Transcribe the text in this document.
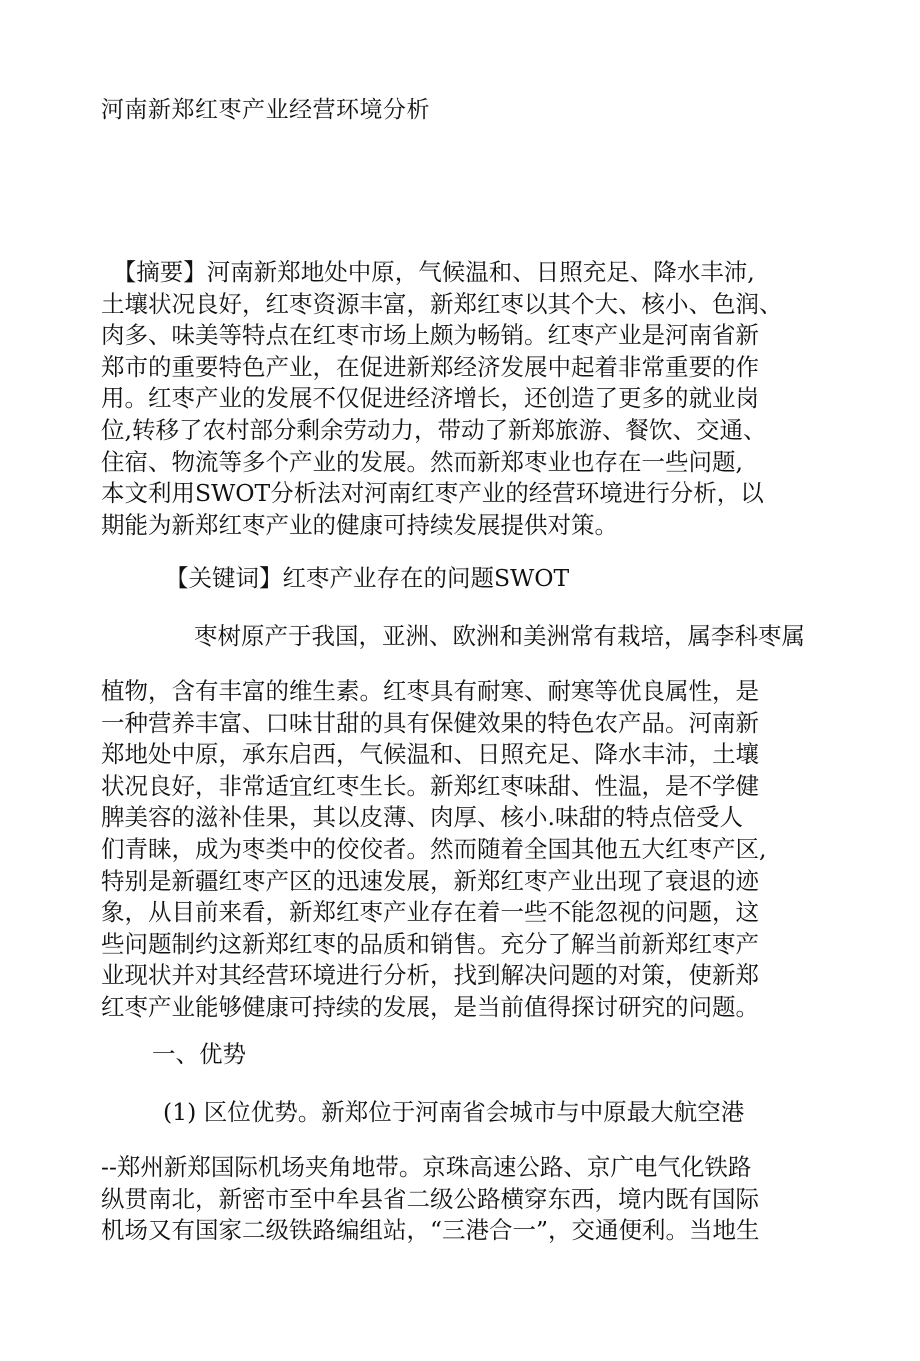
河南新郑红枣产业经营环境分析
　【摘要】河南新郑地处中原，气候温和、日照充足、降水丰沛,
土壤状况良好，红枣资源丰富，新郑红枣以其个大、核小、色润、
肉多、味美等特点在红枣市场上颇为畅销。红枣产业是河南省新
郑市的重要特色产业，在促进新郑经济发展中起着非常重要的作
用。红枣产业的发展不仅促进经济增长，还创造了更多的就业岗
位,转移了农村部分剩余劳动力，带动了新郑旅游、餐饮、交通、
住宿、物流等多个产业的发展。然而新郑枣业也存在一些问题,
本文利用SWOT分析法对河南红枣产业的经营环境进行分析，以
期能为新郑红枣产业的健康可持续发展提供对策。
【关键词】红枣产业存在的问题SWOT
枣树原产于我国，亚洲、欧洲和美洲常有栽培，属李科枣属
植物，含有丰富的维生素。红枣具有耐寒、耐寒等优良属性，是
一种营养丰富、口味甘甜的具有保健效果的特色农产品。河南新
郑地处中原，承东启西，气候温和、日照充足、降水丰沛，土壤
状况良好，非常适宜红枣生长。新郑红枣味甜、性温，是不学健
脾美容的滋补佳果，其以皮薄、肉厚、核小.味甜的特点倍受人
们青睐，成为枣类中的佼佼者。然而随着全国其他五大红枣产区,
特别是新疆红枣产区的迅速发展，新郑红枣产业出现了衰退的迹
象，从目前来看，新郑红枣产业存在着一些不能忽视的问题，这
些问题制约这新郑红枣的品质和销售。充分了解当前新郑红枣产
业现状并对其经营环境进行分析，找到解决问题的对策，使新郑
红枣产业能够健康可持续的发展，是当前值得探讨研究的问题。
一、优势
(1) 区位优势。新郑位于河南省会城市与中原最大航空港
--郑州新郑国际机场夹角地带。京珠高速公路、京广电气化铁路
纵贯南北，新密市至中牟县省二级公路横穿东西，境内既有国际
机场又有国家二级铁路编组站，“三港合一”，交通便利。当地生
